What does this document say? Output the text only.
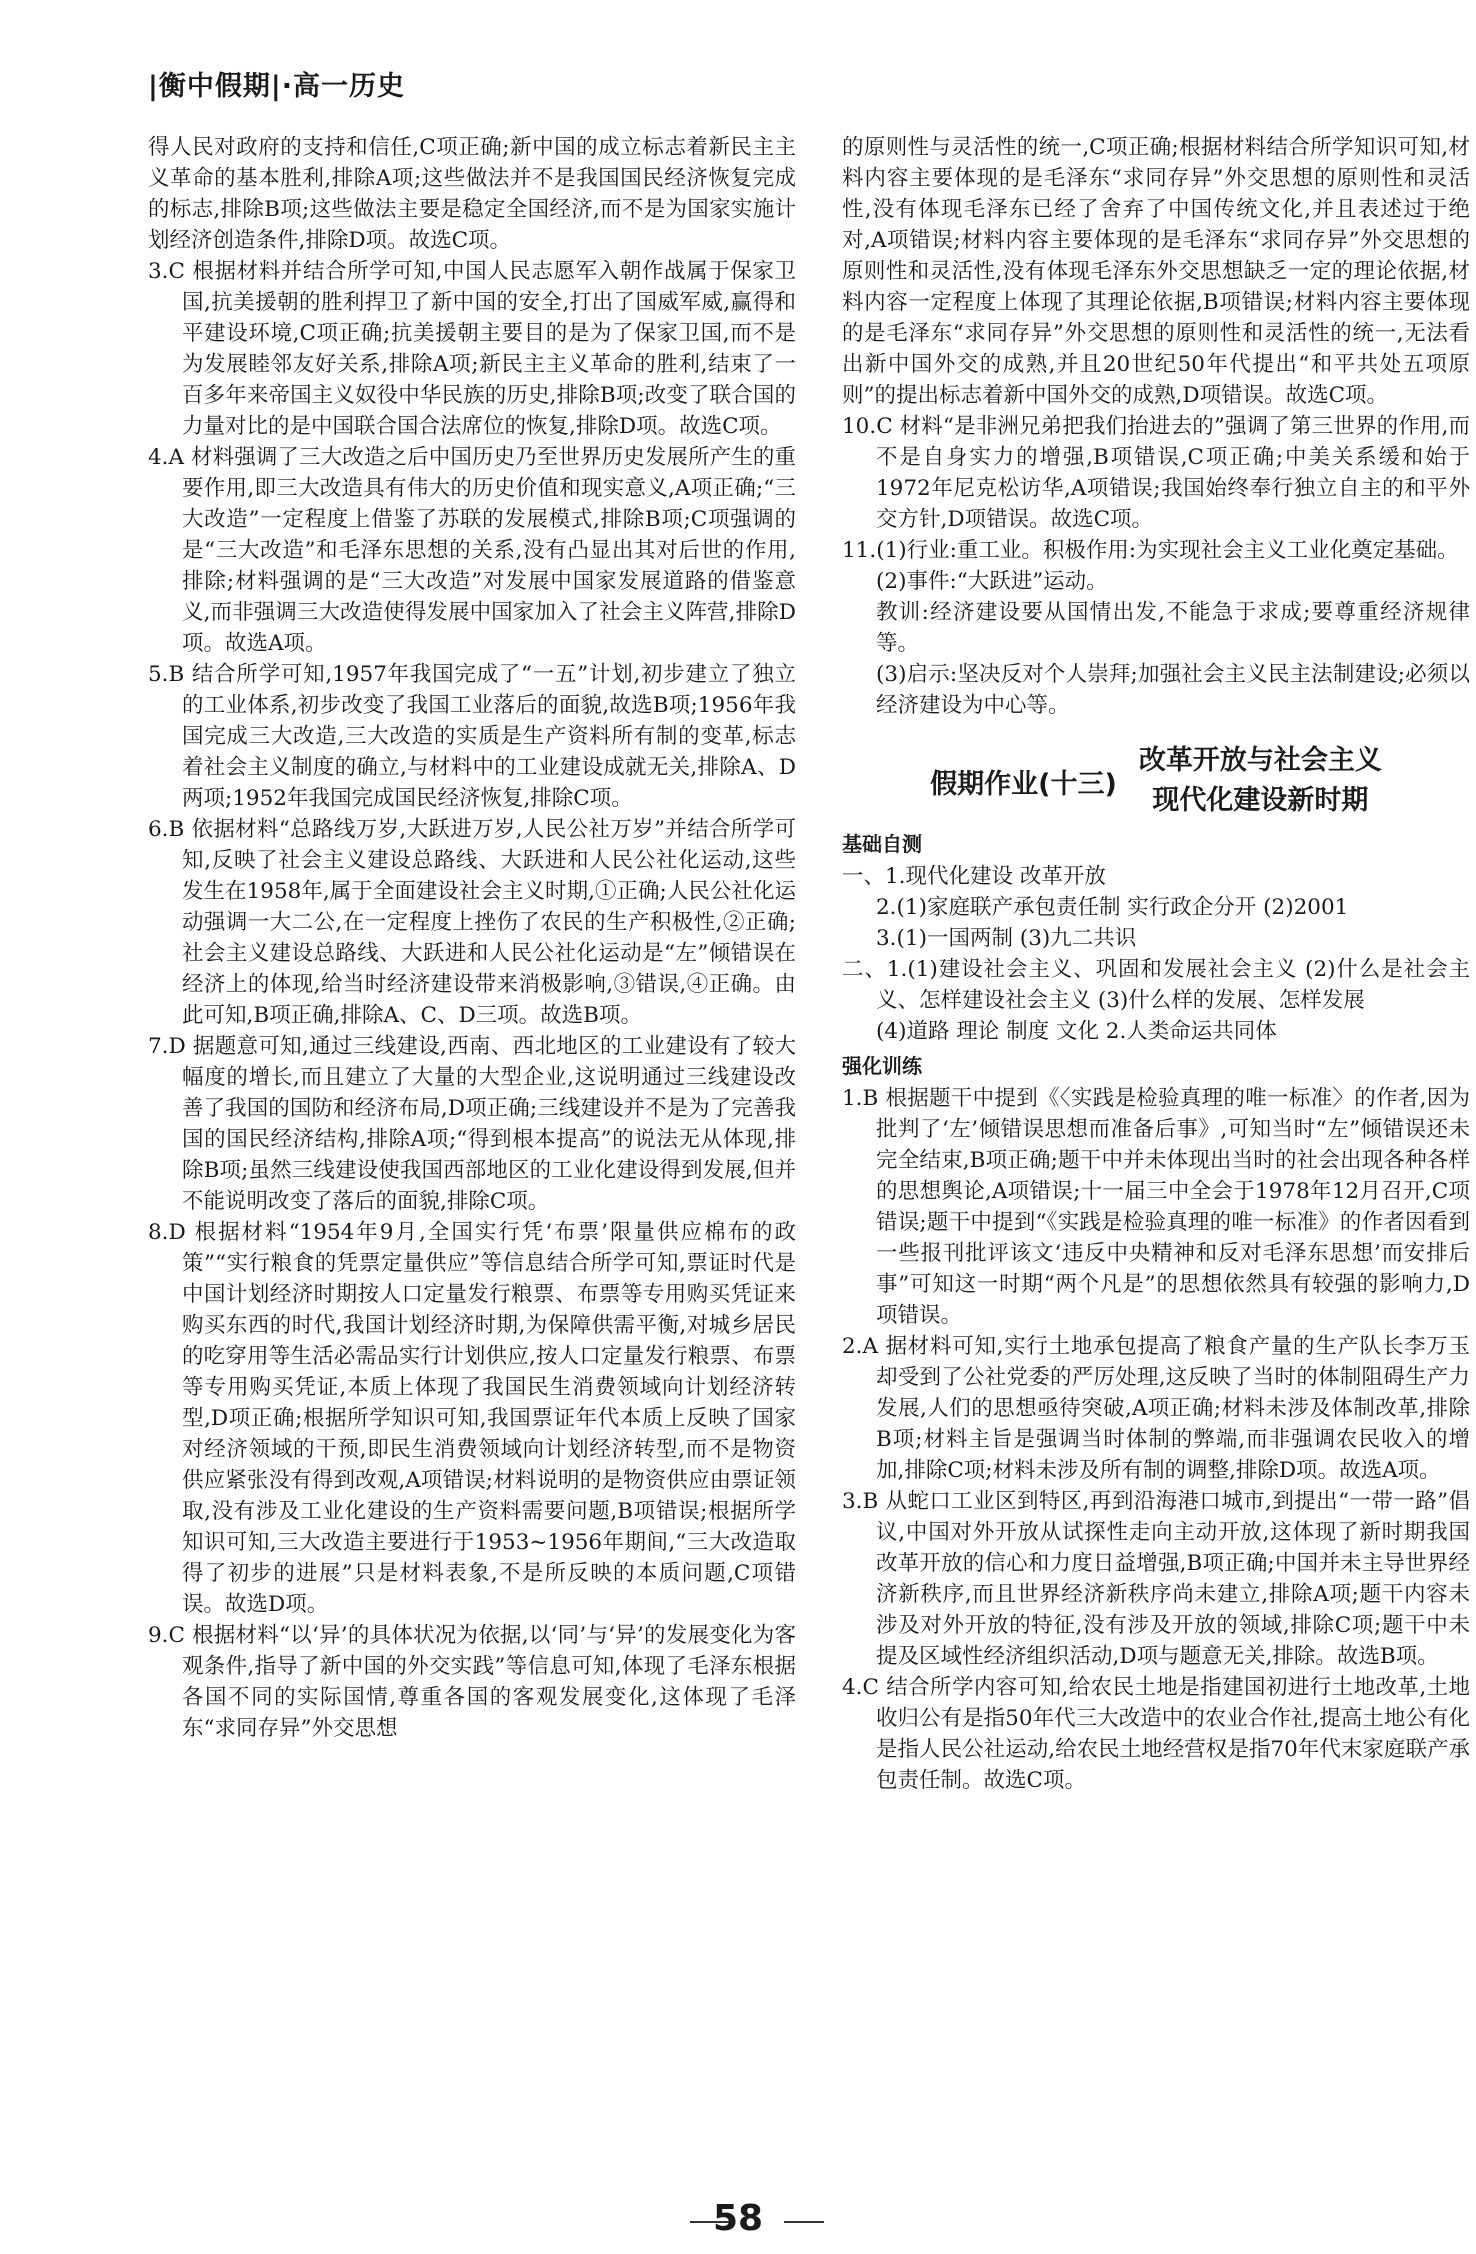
|衡中假期|·高一历史

得人民对政府的支持和信任,C项正确;新中国的成立标志着新民主主义革命的基本胜利,排除A项;这些做法并不是我国国民经济恢复完成的标志,排除B项;这些做法主要是稳定全国经济,而不是为国家实施计划经济创造条件,排除D项。故选C项。

3.C 根据材料并结合所学可知,中国人民志愿军入朝作战属于保家卫国,抗美援朝的胜利捍卫了新中国的安全,打出了国威军威,赢得和平建设环境,C项正确;抗美援朝主要目的是为了保家卫国,而不是为发展睦邻友好关系,排除A项;新民主主义革命的胜利,结束了一百多年来帝国主义奴役中华民族的历史,排除B项;改变了联合国的力量对比的是中国联合国合法席位的恢复,排除D项。故选C项。

4.A 材料强调了三大改造之后中国历史乃至世界历史发展所产生的重要作用,即三大改造具有伟大的历史价值和现实意义,A项正确;“三大改造”一定程度上借鉴了苏联的发展模式,排除B项;C项强调的是“三大改造”和毛泽东思想的关系,没有凸显出其对后世的作用,排除;材料强调的是“三大改造”对发展中国家发展道路的借鉴意义,而非强调三大改造使得发展中国家加入了社会主义阵营,排除D项。故选A项。

5.B 结合所学可知,1957年我国完成了“一五”计划,初步建立了独立的工业体系,初步改变了我国工业落后的面貌,故选B项;1956年我国完成三大改造,三大改造的实质是生产资料所有制的变革,标志着社会主义制度的确立,与材料中的工业建设成就无关,排除A、D两项;1952年我国完成国民经济恢复,排除C项。

6.B 依据材料“总路线万岁,大跃进万岁,人民公社万岁”并结合所学可知,反映了社会主义建设总路线、大跃进和人民公社化运动,这些发生在1958年,属于全面建设社会主义时期,①正确;人民公社化运动强调一大二公,在一定程度上挫伤了农民的生产积极性,②正确;社会主义建设总路线、大跃进和人民公社化运动是“左”倾错误在经济上的体现,给当时经济建设带来消极影响,③错误,④正确。由此可知,B项正确,排除A、C、D三项。故选B项。

7.D 据题意可知,通过三线建设,西南、西北地区的工业建设有了较大幅度的增长,而且建立了大量的大型企业,这说明通过三线建设改善了我国的国防和经济布局,D项正确;三线建设并不是为了完善我国的国民经济结构,排除A项;“得到根本提高”的说法无从体现,排除B项;虽然三线建设使我国西部地区的工业化建设得到发展,但并不能说明改变了落后的面貌,排除C项。

8.D 根据材料“1954年9月,全国实行凭‘布票’限量供应棉布的政策”“实行粮食的凭票定量供应”等信息结合所学可知,票证时代是中国计划经济时期按人口定量发行粮票、布票等专用购买凭证来购买东西的时代,我国计划经济时期,为保障供需平衡,对城乡居民的吃穿用等生活必需品实行计划供应,按人口定量发行粮票、布票等专用购买凭证,本质上体现了我国民生消费领域向计划经济转型,D项正确;根据所学知识可知,我国票证年代本质上反映了国家对经济领域的干预,即民生消费领域向计划经济转型,而不是物资供应紧张没有得到改观,A项错误;材料说明的是物资供应由票证领取,没有涉及工业化建设的生产资料需要问题,B项错误;根据所学知识可知,三大改造主要进行于1953~1956年期间,“三大改造取得了初步的进展”只是材料表象,不是所反映的本质问题,C项错误。故选D项。

9.C 根据材料“以‘异’的具体状况为依据,以‘同’与‘异’的发展变化为客观条件,指导了新中国的外交实践”等信息可知,体现了毛泽东根据各国不同的实际国情,尊重各国的客观发展变化,这体现了毛泽东“求同存异”外交思想

的原则性与灵活性的统一,C项正确;根据材料结合所学知识可知,材料内容主要体现的是毛泽东“求同存异”外交思想的原则性和灵活性,没有体现毛泽东已经了舍弃了中国传统文化,并且表述过于绝对,A项错误;材料内容主要体现的是毛泽东“求同存异”外交思想的原则性和灵活性,没有体现毛泽东外交思想缺乏一定的理论依据,材料内容一定程度上体现了其理论依据,B项错误;材料内容主要体现的是毛泽东“求同存异”外交思想的原则性和灵活性的统一,无法看出新中国外交的成熟,并且20世纪50年代提出“和平共处五项原则”的提出标志着新中国外交的成熟,D项错误。故选C项。

10.C 材料“是非洲兄弟把我们抬进去的”强调了第三世界的作用,而不是自身实力的增强,B项错误,C项正确;中美关系缓和始于1972年尼克松访华,A项错误;我国始终奉行独立自主的和平外交方针,D项错误。故选C项。

11.(1)行业:重工业。积极作用:为实现社会主义工业化奠定基础。

(2)事件:“大跃进”运动。

教训:经济建设要从国情出发,不能急于求成;要尊重经济规律等。

(3)启示:坚决反对个人崇拜;加强社会主义民主法制建设;必须以经济建设为中心等。

假期作业(十三)
改革开放与社会主义
现代化建设新时期
基础自测

一、1.现代化建设 改革开放

2.(1)家庭联产承包责任制 实行政企分开 (2)2001

3.(1)一国两制 (3)九二共识

二、1.(1)建设社会主义、巩固和发展社会主义 (2)什么是社会主义、怎样建设社会主义 (3)什么样的发展、怎样发展

(4)道路 理论 制度 文化 2.人类命运共同体

强化训练

1.B 根据题干中提到《〈实践是检验真理的唯一标准〉的作者,因为批判了‘左’倾错误思想而准备后事》,可知当时“左”倾错误还未完全结束,B项正确;题干中并未体现出当时的社会出现各种各样的思想舆论,A项错误;十一届三中全会于1978年12月召开,C项错误;题干中提到“《实践是检验真理的唯一标准》的作者因看到一些报刊批评该文‘违反中央精神和反对毛泽东思想’而安排后事”可知这一时期“两个凡是”的思想依然具有较强的影响力,D项错误。

2.A 据材料可知,实行土地承包提高了粮食产量的生产队长李万玉却受到了公社党委的严厉处理,这反映了当时的体制阻碍生产力发展,人们的思想亟待突破,A项正确;材料未涉及体制改革,排除B项;材料主旨是强调当时体制的弊端,而非强调农民收入的增加,排除C项;材料未涉及所有制的调整,排除D项。故选A项。

3.B 从蛇口工业区到特区,再到沿海港口城市,到提出“一带一路”倡议,中国对外开放从试探性走向主动开放,这体现了新时期我国改革开放的信心和力度日益增强,B项正确;中国并未主导世界经济新秩序,而且世界经济新秩序尚未建立,排除A项;题干内容未涉及对外开放的特征,没有涉及开放的领域,排除C项;题干中未提及区域性经济组织活动,D项与题意无关,排除。故选B项。

4.C 结合所学内容可知,给农民土地是指建国初进行土地改革,土地收归公有是指50年代三大改造中的农业合作社,提高土地公有化是指人民公社运动,给农民土地经营权是指70年代末家庭联产承包责任制。故选C项。

58
